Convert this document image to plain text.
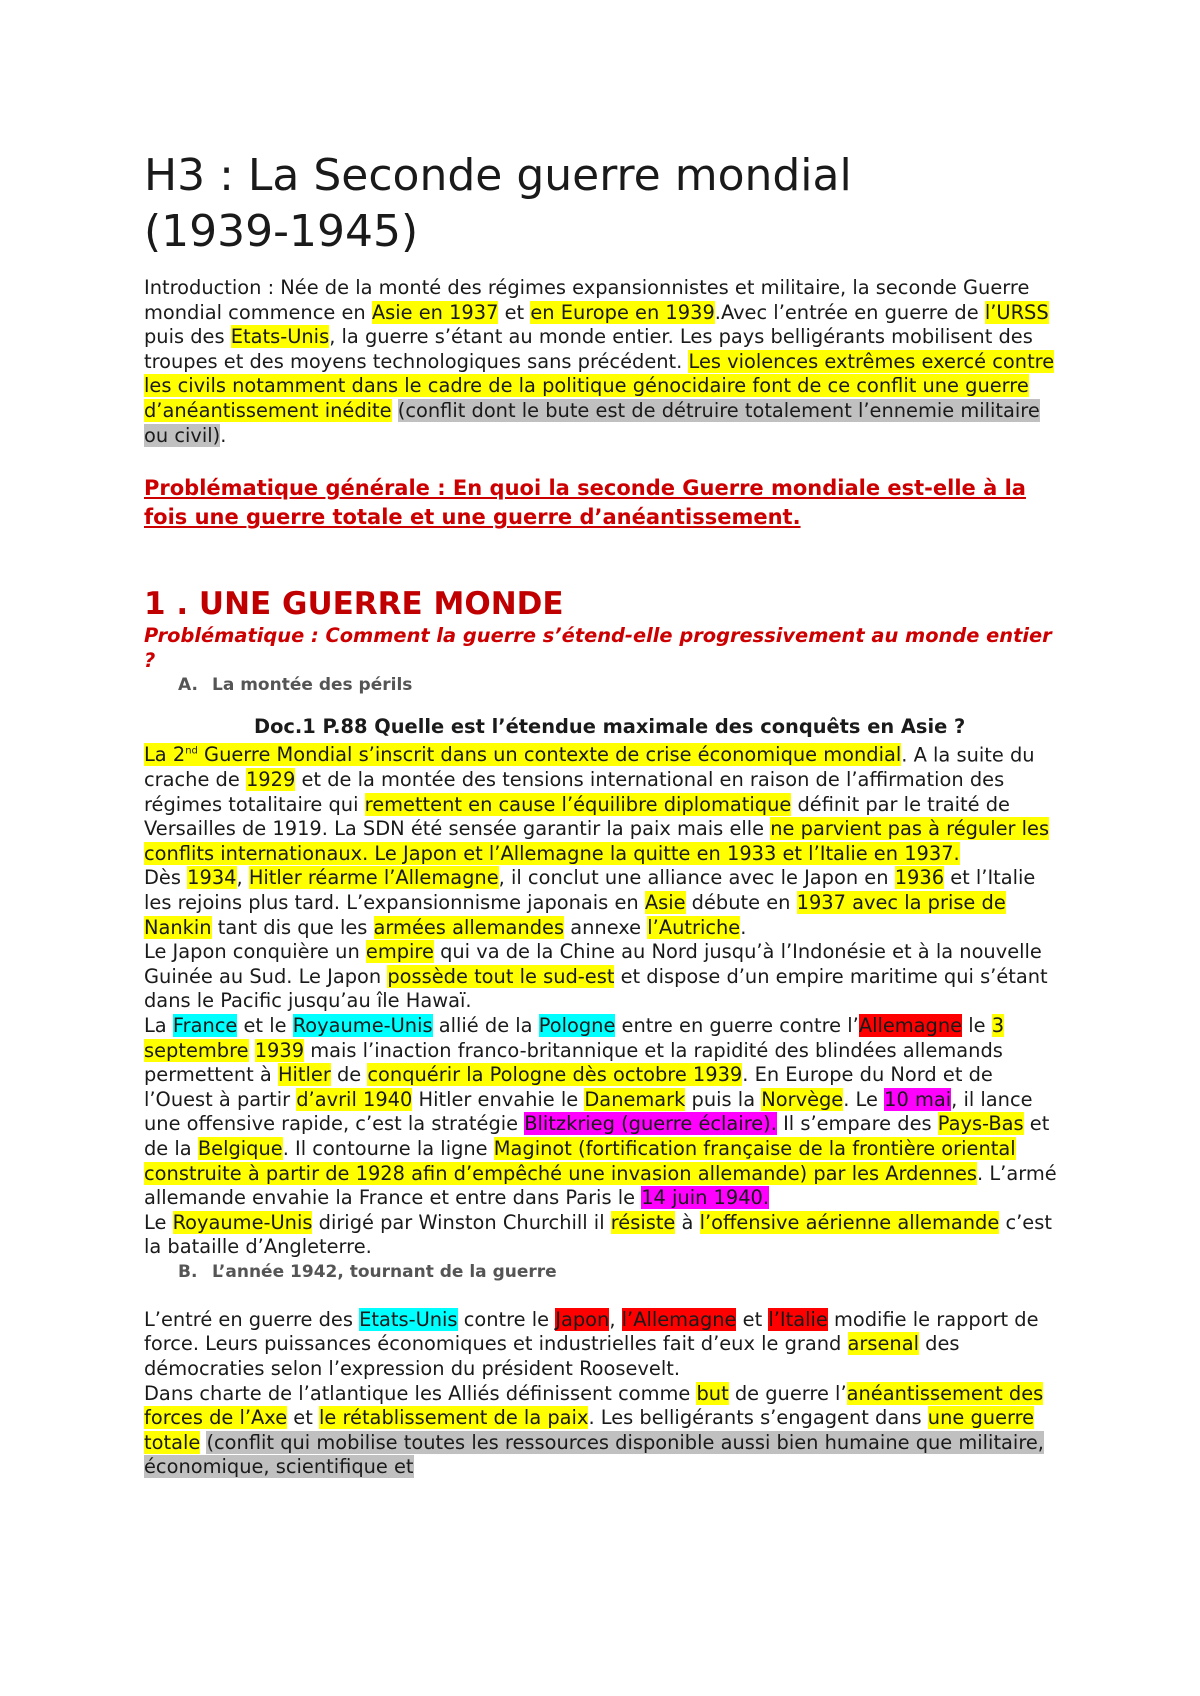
H3 : La Seconde guerre mondial
(1939-1945)

Introduction : Née de la monté des régimes expansionnistes et militaire, la seconde Guerre mondial commence en Asie en 1937 et en Europe en 1939.Avec l’entrée en guerre de l’URSS puis des Etats-Unis, la guerre s’étant au monde entier. Les pays belligérants mobilisent des troupes et des moyens technologiques sans précédent. Les violences extrêmes exercé contre les civils notamment dans le cadre de la politique génocidaire font de ce conflit une guerre d’anéantissement inédite (conflit dont le bute est de détruire totalement l’ennemie militaire ou civil).

Problématique générale : En quoi la seconde Guerre mondiale est-elle à la fois une guerre totale et une guerre d’anéantissement.

1 . UNE GUERRE MONDE

Problématique : Comment la guerre s’étend-elle progressivement au monde entier ?

A. La montée des périls

Doc.1 P.88 Quelle est l’étendue maximale des conquêts en Asie ?

La 2nd Guerre Mondial s’inscrit dans un contexte de crise économique mondial. A la suite du crache de 1929 et de la montée des tensions international en raison de l’affirmation des régimes totalitaire qui remettent en cause l’équilibre diplomatique définit par le traité de Versailles de 1919. La SDN été sensée garantir la paix mais elle ne parvient pas à réguler les conflits internationaux. Le Japon et l’Allemagne la quitte en 1933 et l’Italie en 1937.

Dès 1934, Hitler réarme l’Allemagne, il conclut une alliance avec le Japon en 1936 et l’Italie les rejoins plus tard. L’expansionnisme japonais en Asie débute en 1937 avec la prise de Nankin tant dis que les armées allemandes annexe l’Autriche.

Le Japon conquière un empire qui va de la Chine au Nord jusqu’à l’Indonésie et à la nouvelle Guinée au Sud. Le Japon possède tout le sud-est et dispose d’un empire maritime qui s’étant dans le Pacific jusqu’au île Hawaï.

La France et le Royaume-Unis allié de la Pologne entre en guerre contre l’Allemagne le 3 septembre 1939 mais l’inaction franco-britannique et la rapidité des blindées allemands permettent à Hitler de conquérir la Pologne dès octobre 1939. En Europe du Nord et de l’Ouest à partir d’avril 1940 Hitler envahie le Danemark puis la Norvège. Le 10 mai, il lance une offensive rapide, c’est la stratégie Blitzkrieg (guerre éclaire). Il s’empare des Pays-Bas et de la Belgique. Il contourne la ligne Maginot (fortification française de la frontière oriental construite à partir de 1928 afin d’empêché une invasion allemande) par les Ardennes. L’armé allemande envahie la France et entre dans Paris le 14 juin 1940.

Le Royaume-Unis dirigé par Winston Churchill il résiste à l’offensive aérienne allemande c’est la bataille d’Angleterre.

B. L’année 1942, tournant de la guerre

L’entré en guerre des Etats-Unis contre le Japon, l’Allemagne et l’Italie modifie le rapport de force. Leurs puissances économiques et industrielles fait d’eux le grand arsenal des démocraties selon l’expression du président Roosevelt.

Dans charte de l’atlantique les Alliés définissent comme but de guerre l’anéantissement des forces de l’Axe et le rétablissement de la paix. Les belligérants s’engagent dans une guerre totale (conflit qui mobilise toutes les ressources disponible aussi bien humaine que militaire, économique, scientifique et
